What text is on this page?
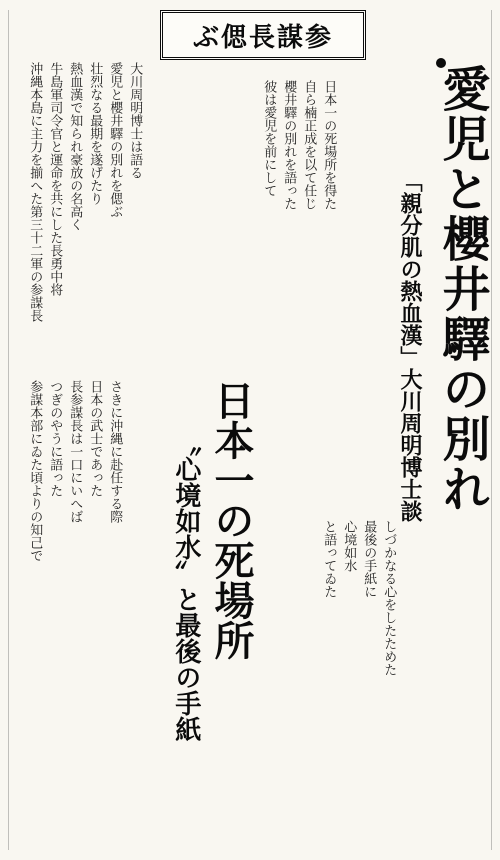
ぶ偲長謀参
愛児と櫻井驛の別れ
「親分肌の熱血漢」大川周明博士談
日本一の死場所
〝心境如水〟と最後の手紙
沖縄本島に主力を揃へた第三十二軍の参謀長 牛島軍司令官と運命を共にした長勇中将 熱血漢で知られ豪放の名高く 壮烈なる最期を遂げたり 愛児と櫻井驛の別れを偲ぶ 大川周明博士は語る
参謀本部にゐた頃よりの知己で つぎのやうに語った 長参謀長は一口にいへば 日本の武士であった さきに沖縄に赴任する際
彼は愛児を前にして 櫻井驛の別れを語った 自ら楠正成を以て任じ 日本一の死場所を得た
と語ってゐた 心境如水 最後の手紙に しづかなる心をしたためた
